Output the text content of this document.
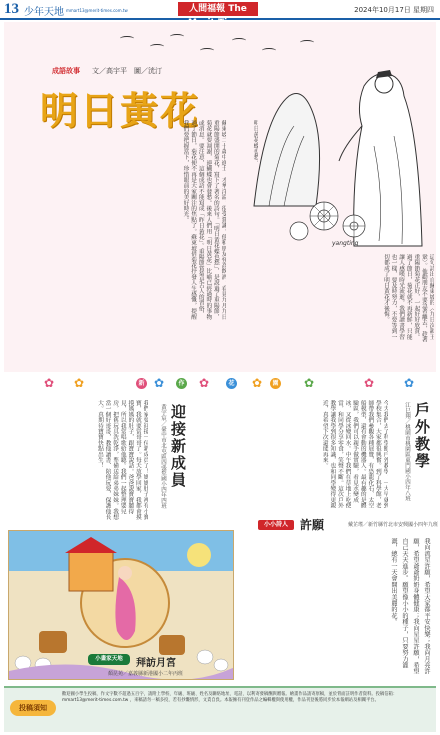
13 少年天地 mmart13@merit-times.com.tw	人間福報 The	2024年10月17日 星期四
成語故事 文／高宇平　圖／洸汀
明日黃花
yangting
蘇東坡二十歲中進士，才華洋溢，很受賞識。他和朋友登高飲酒，看見九月九日重陽節盛開的菊花，寫下了著名的詩句。「明日黃花蝶也愁」，是說過了重陽節，菊花就要凋謝，連蝴蝶也會發愁。後來人們用「明日黃花」比喻已經過時的事物或消息。要注意，這個成語不能寫成「昨日黃花」。重陽節賞菊是古人的習俗，過了節日，菊花便不再是大家關注的焦點了。蘇東坡借菊花抒發人生感慨，提醒我們要把握當下，珍惜眼前的美好時光。	明日黃花蝶也愁。
這句詩出自蘇東坡的〈九日次韻王鞏〉。他勸朋友不要急著離去，趁著重陽節菊花正好，一起好好欣賞。過了節日，菊花就不再新鮮，只能讓人感嘆時光流逝。我們讀書學習也一樣，要及時努力，不要等到一切都成了明日黃花才後悔。
✿ ✿	新 ✿	作 ✿	花 ✿	園 ✿	✿ ✿
戶外教學
江巳翔／桃園市桃園區東門國小四年八班
今天我們去了科學館戶外教學，一大早就到學校集合，大家都很興奮。到了科學館，老師帶我們參觀各種展覽，有恐龍化石、太空船模型，還有會動的機器人。最有趣的是體驗區，我們可以親手做實驗，看見水變成冰，又從冰變回水。中午我們在草地上吃便當，和同學分享零食，笑聲不斷。這次戶外教學讓我學到很多知識，也和同學變得更親近，真希望下次還能再來。
迎接新成員
黃宇宸／臺中市北屯區四張犁國小四年四班
我們家要迎接一位新成員了！媽媽肚子裡有小寶寶，我就要當哥哥了。每天放學回家，我都會摸摸媽媽的肚子，跟寶寶說話。爸爸說寶寶聽得見，所以我常唱歌給他聽。我們一起整理嬰兒房，把舊玩具洗乾淨，準備送給弟弟妹妹。我想當一個好哥哥，教他讀書、陪他玩耍，保護他長大。真期待寶寶快點出生！
小小詩人	許願	戴芷瑤／新竹縣竹北市安興國小四年九班
我向流星許願，希望大家都平安快樂；我向月亮許願，希望爺爺奶奶身體健康；我向星星許願，希望自己天天進步。願望像小小的種子，只要努力灌溉，總有一天會開出美麗的花。
小畫家天地	拜訪月宮
顏昆苑／嘉義縣新港國小二年丙班
投稿須知
歡迎國小學生投稿，作文字數不超過五百字，請附上學校、年級、班級、姓名及聯絡地址、電話，以利寄發稿酬與贈報。繪畫作品請寄原稿，並於背面註明作者資料。投稿信箱：mmart13@merit-times.com.tw ，來稿請勿一稿多投，若有抄襲情形，文責自負。本報擁有刊登作品之編輯權與使用權，作品刊登後將同步於本報網站及相關平台。
